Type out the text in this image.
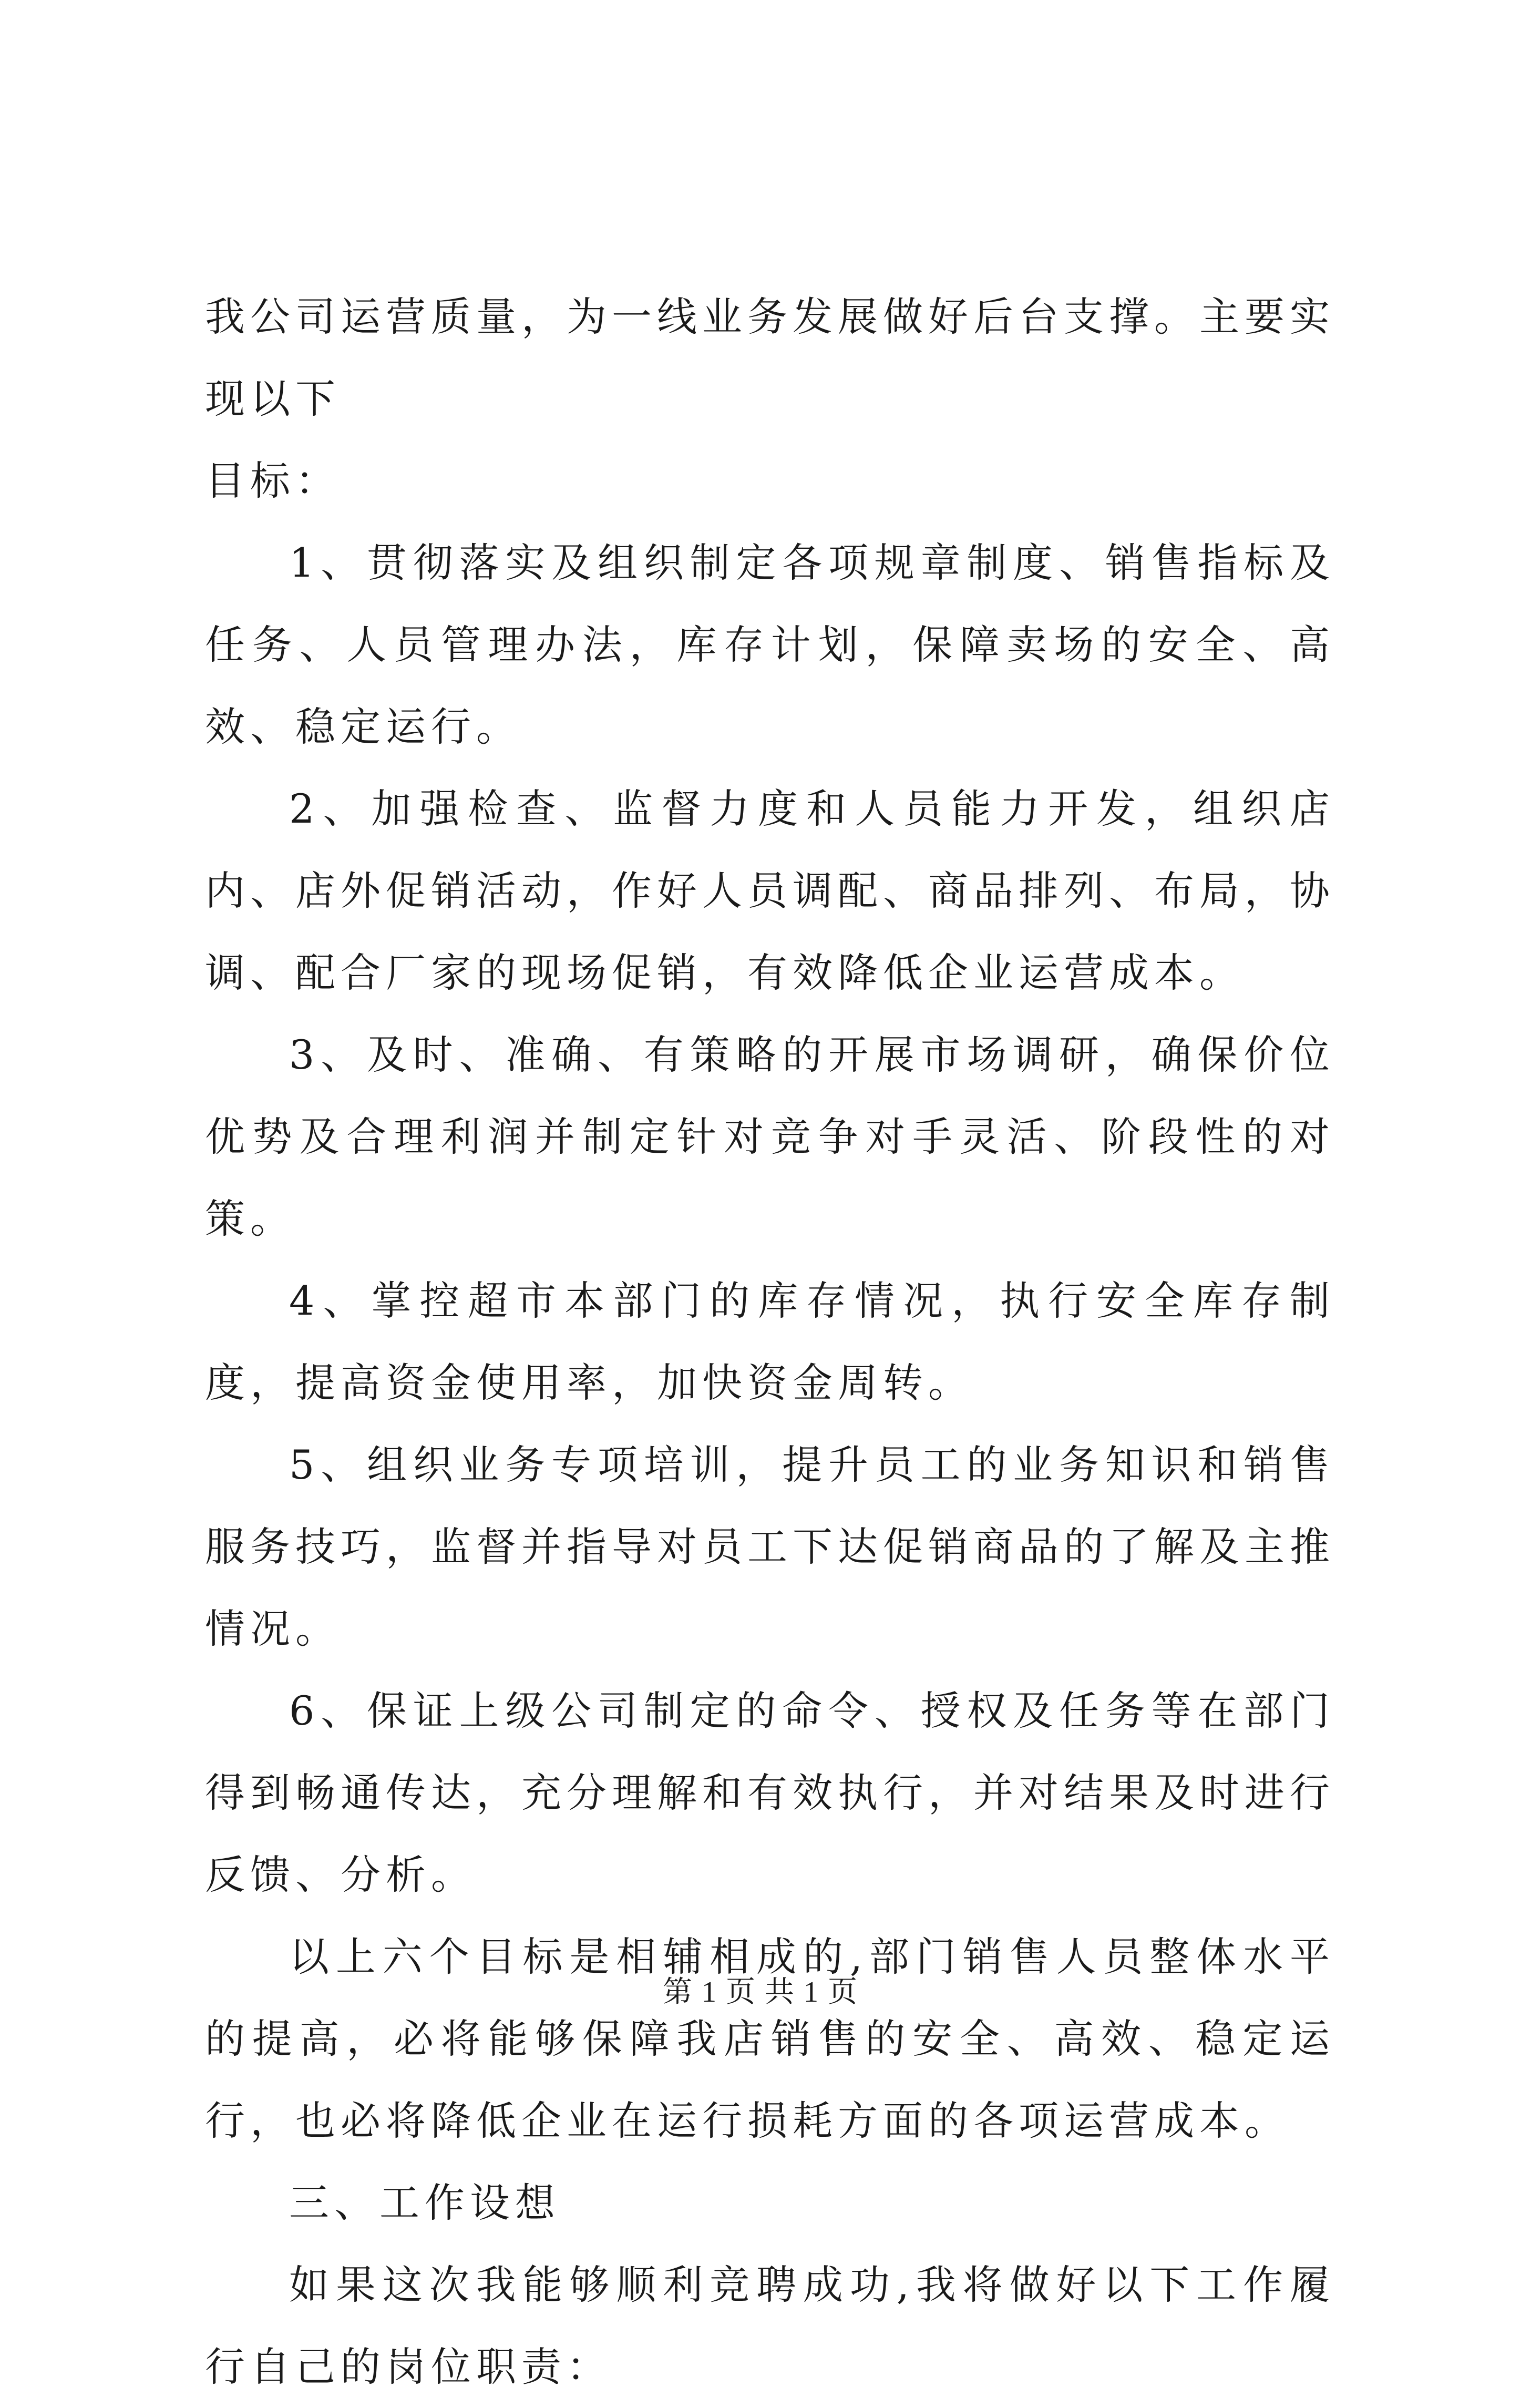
我公司运营质量，为一线业务发展做好后台支撑。主要实现以下
目标：

1、贯彻落实及组织制定各项规章制度、销售指标及任务、人员管理办法，库存计划，保障卖场的安全、高效、稳定运行。

2、加强检查、监督力度和人员能力开发，组织店内、店外促销活动，作好人员调配、商品排列、布局，协调、配合厂家的现场促销，有效降低企业运营成本。

3、及时、准确、有策略的开展市场调研，确保价位优势及合理利润并制定针对竞争对手灵活、阶段性的对策。

4、掌控超市本部门的库存情况，执行安全库存制度，提高资金使用率，加快资金周转。

5、组织业务专项培训，提升员工的业务知识和销售服务技巧，监督并指导对员工下达促销商品的了解及主推情况。

6、保证上级公司制定的命令、授权及任务等在部门得到畅通传达，充分理解和有效执行，并对结果及时进行反馈、分析。

以上六个目标是相辅相成的,部门销售人员整体水平的提高，必将能够保障我店销售的安全、高效、稳定运行，也必将降低企业在运行损耗方面的各项运营成本。

三、工作设想

如果这次我能够顺利竞聘成功,我将做好以下工作履行自己的岗位职责：

第 1 页 共 1 页
